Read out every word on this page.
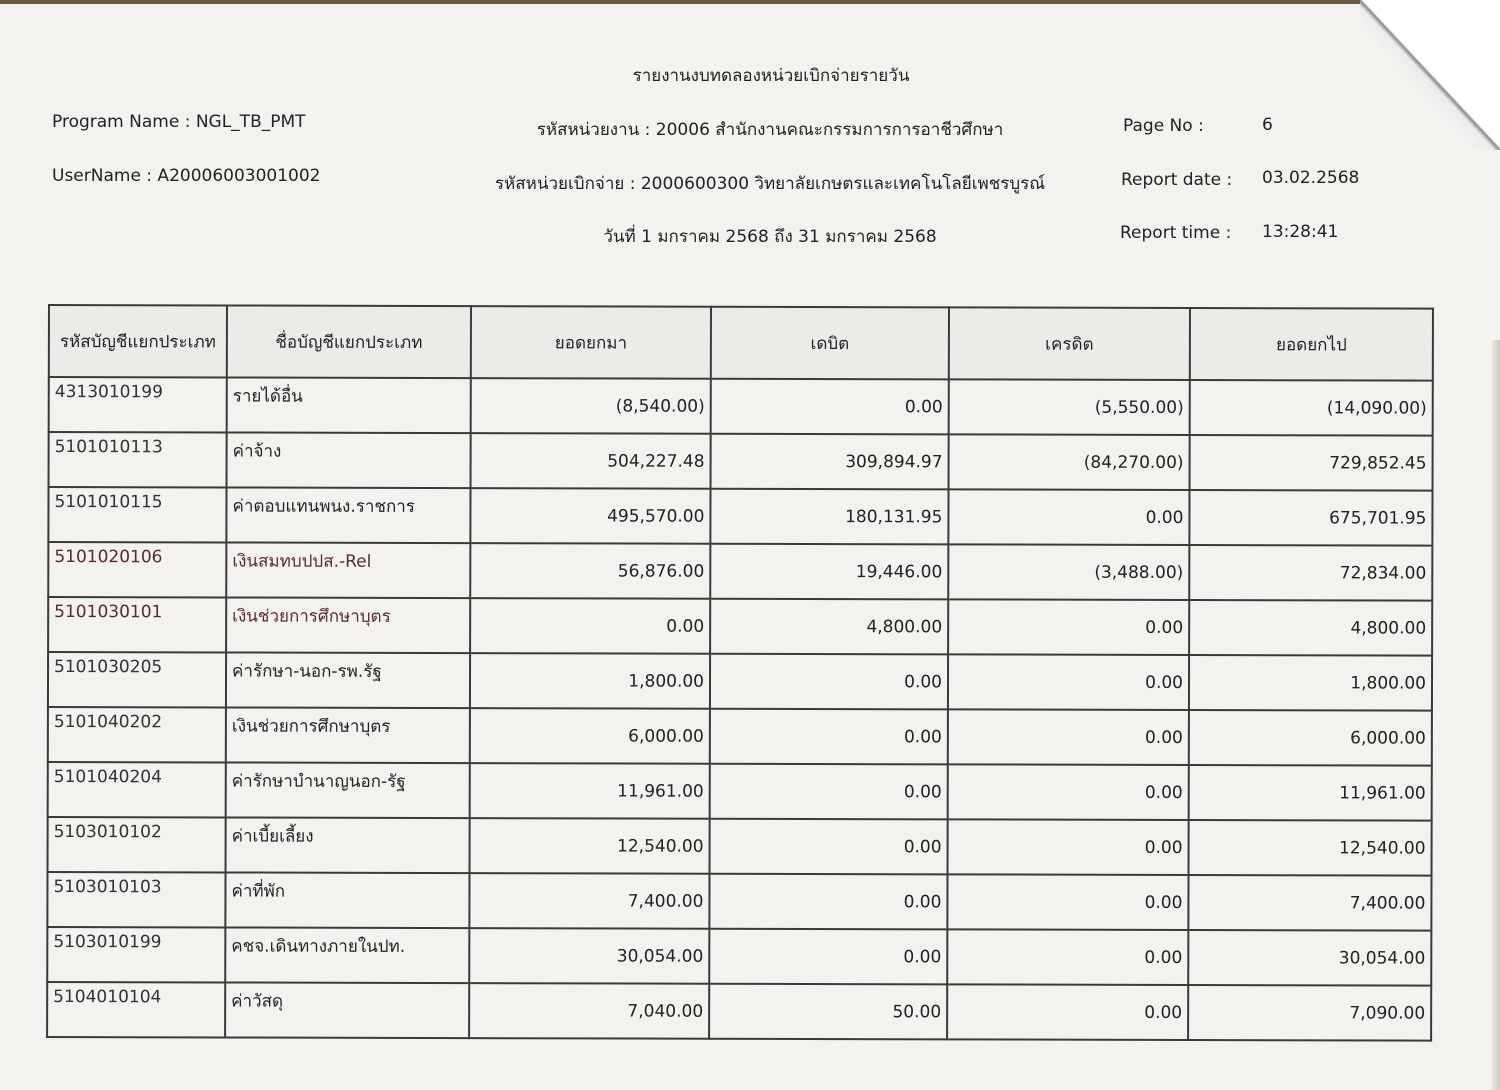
รายงานงบทดลองหน่วยเบิกจ่ายรายวัน
Program Name : NGL_TB_PMT
UserName : A20006003001002
รหัสหน่วยงาน : 20006 สำนักงานคณะกรรมการการอาชีวศึกษา
รหัสหน่วยเบิกจ่าย : 2000600300 วิทยาลัยเกษตรและเทคโนโลยีเพชรบูรณ์
วันที่ 1 มกราคม 2568 ถึง 31 มกราคม 2568
Page No :	6
Report date : 03.02.2568
Report time : 13:28:41
รหัสบัญชีแยกประเภท	ชื่อบัญชีแยกประเภท	ยอดยกมา	เดบิต	เครดิต	ยอดยกไป
4313010199	รายได้อื่น	(8,540.00)	0.00	(5,550.00)	(14,090.00)
5101010113	ค่าจ้าง	504,227.48	309,894.97	(84,270.00)	729,852.45
5101010115	ค่าตอบแทนพนง.ราชการ	495,570.00	180,131.95	0.00	675,701.95
5101020106	เงินสมทบปปส.-Rel	56,876.00	19,446.00	(3,488.00)	72,834.00
5101030101	เงินช่วยการศึกษาบุตร	0.00	4,800.00	0.00	4,800.00
5101030205	ค่ารักษา-นอก-รพ.รัฐ	1,800.00	0.00	0.00	1,800.00
5101040202	เงินช่วยการศึกษาบุตร	6,000.00	0.00	0.00	6,000.00
5101040204	ค่ารักษาบำนาญนอก-รัฐ	11,961.00	0.00	0.00	11,961.00
5103010102	ค่าเบี้ยเลี้ยง	12,540.00	0.00	0.00	12,540.00
5103010103	ค่าที่พัก	7,400.00	0.00	0.00	7,400.00
5103010199	คชจ.เดินทางภายในปท.	30,054.00	0.00	0.00	30,054.00
5104010104	ค่าวัสดุ	7,040.00	50.00	0.00	7,090.00
